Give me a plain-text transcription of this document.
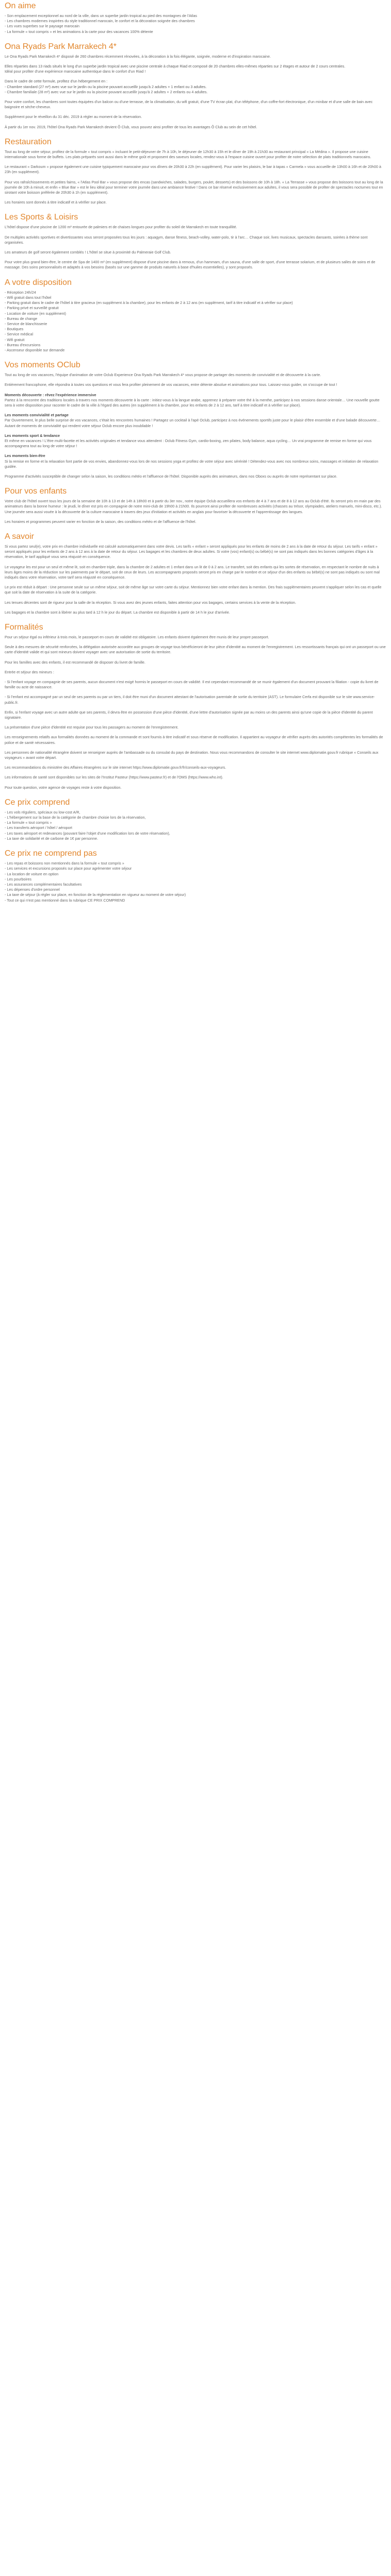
On aime
- Son emplacement exceptionnel au nord de la ville, dans un superbe jardin tropical au pied des montagnes de l'Atlas
- Les chambres modernes inspirées du style traditionnel marocain, le confort et la décoration soignée des chambres
- Les vues superbes sur le paysage marocain
- La formule « tout compris » et les animations à la carte pour des vacances 100% détente
Ona Ryads Park Marrakech 4*

Le Ona Ryads Park Marrakech 4* disposé de 260 chambres récemment rénovées, à la décoration à la fois élégante, soignée, moderne et d'inspiration marocaine.

Elles réparties dans 13 riads situés le long d'un superbe jardin tropical avec une piscine centrale à chaque Riad et composé de 20 chambres elles-mêmes réparties sur 2 étages et autour de 2 cours centrales.

Idéal pour profiter d'une expérience marocaine authentique dans le confort d'un Riad !

Dans le cadre de cette formule, profitez d'un hébergement en :

- Chambre standard (27 m²) avec vue sur le jardin ou la piscine pouvant accueillir jusqu'à 2 adultes + 1 enfant ou 3 adultes.

- Chambre familiale (28 m²) avec vue sur le jardin ou la piscine pouvant accueillir jusqu'à 2 adultes + 2 enfants ou 4 adultes.

Pour votre confort, les chambres sont toutes équipées d'un balcon ou d'une terrasse, de la climatisation, du wifi gratuit, d'une TV écran plat, d'un téléphone, d'un coffre-fort électronique, d'un minibar et d'une salle de bain avec baignoire et sèche-cheveux.

Supplément pour le réveillon du 31 déc. 2019 à régler au moment de la réservation.

À partir du 1er nov. 2019, l'hôtel Ona Ryads Park Marrakech devient Ô Club, vous pouvez ainsi profiter de tous les avantages Ô Club au sein de cet hôtel.

Restauration

Tout au long de votre séjour, profitez de la formule « tout compris » incluant le petit-déjeuner de 7h à 10h, le déjeuner de 12h30 à 15h et le dîner de 19h à 21h30 au restaurant principal « La Médina ». Il propose une cuisine internationale sous forme de buffets. Les plats préparés sont aussi dans le même goût et proposent des saveurs locales, rendez-vous à l'espace cuisine ouvert pour profiter de notre sélection de plats traditionnels marocains.

Le restaurant « Darkoum » propose également une cuisine typiquement marocaine pour vos dîners de 20h30 à 22h (en supplément). Pour varier les plaisirs, le bar à tapas « Carmela » vous accueille de 13h00 à 16h et de 20h00 à 23h (en supplément).

Pour vos rafraîchissements et petites faims, « l'Atlas Pool Bar » vous propose des encas (sandwiches, salades, burgers, poulet, desserts) et des boissons de 10h à 18h. « La Terrasse » vous propose des boissons tout au long de la journée de 10h à minuit, et enfin « Blue Bar » est le lieu idéal pour terminer votre journée dans une ambiance festive ! Dans ce bar réservé exclusivement aux adultes, il vous sera possible de profiter de spectacles nocturnes tout en sirotant votre boisson préférée de 20h30 à 1h (en supplément).

Les horaires sont donnés à titre indicatif et à vérifier sur place.

Les Sports & Loisirs

L'hôtel dispose d'une piscine de 1200 m² entourée de palmiers et de chaises longues pour profiter du soleil de Marrakech en toute tranquillité.

De multiples activités sportives et divertissantes vous seront proposées tous les jours : aquagym, danse fitness, beach-volley, water-polo, tir à l'arc… Chaque soir, lives musicaux, spectacles dansants, soirées à thème sont organisées.

Les amateurs de golf seront également comblés ! L'hôtel se situe à proximité du Palmeraie Golf Club.

Pour votre plus grand bien-être, le centre de Spa de 1400 m² (en supplément) dispose d'une piscine dans à remous, d'un hammam, d'un sauna, d'une salle de sport, d'une terrasse solarium, et de plusieurs salles de soins et de massage. Des soins personnalisés et adaptés à vos besoins (basés sur une gamme de produits naturels à base d'huiles essentielles), y sont proposés.

A votre disposition
- Réception 24h/24
- Wifi gratuit dans tout l'hôtel
- Parking gratuit dans le cadre de l'hôtel à titre gracieux (en supplément à la chambre), pour les enfants de 2 à 12 ans (en supplément, tarif à titre indicatif et à vérifier sur place)
- Parking privé et surveillé gratuit
- Location de voiture (en supplément)
- Bureau de change
- Service de blanchisserie
- Boutiques
- Service médical
- Wifi gratuit
- Bureau d'excursions
- Ascenseur disponible sur demande
Vos moments OClub

Tout au long de vos vacances, l'équipe d'animation de votre Oclub Experience Ona Ryads Park Marrakech 4* vous propose de partager des moments de convivialité et de découverte à la carte.

Entièrement francophone, elle répondra à toutes vos questions et vous fera profiter pleinement de vos vacances, entre détente absolue et animations pour tous. Laissez-vous guider, on s'occupe de tout !

Moments découverte : rêvez l'expérience immersive

Partez à la rencontre des traditions locales à travers nos moments découverte à la carte : initiez-vous à la langue arabe, apprenez à préparer votre thé à la menthe, participez à nos sessions danse orientale… Une nouvelle goutte sera à votre disposition pour raconter le cadre de la ville à l'égard des autres (en supplément à la chambre, pour les enfants de 2 à 12 ans, tarif à titre indicatif et à vérifier sur place).

Les moments convivialité et partage

Par Ouvertement, le plus belle surprise de vos vacances, c'était les rencontres humaines ! Partagez un cocktail à l'apé Oclub, participez à nos événements sportifs juste pour le plaisir d'être ensemble et d'une balade découverte… Autant de moments de convivialité qui rendent votre séjour Oclub encore plus inoubliable !

Les moments sport & tendance

Et même en vacances ! L'être multi-facette et les activités originales et tendance vous attendent : Oclub Fitness Gym, cardio-boxing, zen pilates, body balance, aqua cycling… Un vrai programme de remise en forme qui vous accompagnera tout au long de votre séjour !

Les moments bien-être

Si la remise en forme et la relaxation font partie de vos envies, abandonnez-vous lors de nos sessions yoga et profitez de votre séjour avec sérénité ! Détendez-vous avec nos nombreux soins, massages et initiation de relaxation guidée.

Programme d'activités susceptible de changer selon la saison, les conditions météo et l'affluence de l'hôtel. Disponible auprès des animateurs, dans nos Oboxs ou auprès de notre représentant sur place.

Pour vos enfants

Votre club de l'hôtel ouvert tous les jours de la semaine de 10h à 13 et de 14h à 18h00 et à partir du 3er nov., notre équipe Oclub accueillera vos enfants de 4 à 7 ans et de 8 à 12 ans au Oclub d'été. Ils seront pris en main par des animateurs dans la bonne humeur : le jeudi, le dîner est pris en compagnie de notre mini-club de 19h00 à 21h00. Ils pourront ainsi profiter de nombreuses activités (chasses au trésor, olympiades, ateliers manuels, mini-disco, etc.). Une journée sera aussi vouée à la découverte de la culture marocaine à travers des jeux d'initiation et activités en anglais pour favoriser la découverte et l'apprentissage des langues.

Les horaires et programmes peuvent varier en fonction de la saison, des conditions météo et de l'affluence de l'hôtel.

A savoir

Si vous partez seul(e), votre prix en chambre individuelle est calculé automatiquement dans votre devis. Les tarifs « enfant » seront appliqués pour les enfants de moins de 2 ans à la date de retour du séjour. Les tarifs « enfant » seront appliqués pour les enfants de 2 ans à 12 ans à la date de retour du séjour. Les bagages et les chambres de deux adultes. Si votre (vos) enfant(s) ou bébé(s) ne sont pas indiqués dans les bonnes catégories d'âges à la réservation, le tarif appliqué vous sera réajusté en conséquence.

Le voyageur les est pour un seul et même lit, soit en chambre triple, dans la chambre de 2 adultes et 1 enfant dans un lit de 0 à 2 ans. Le transfert, soit des enfants qui les sortes de réservation, en respectant le nombre de nuits à leurs âges moins de la réduction sur les paiements par le départ, soit de ceux de leurs. Les accompagnants proposés seront pris en charge par le nombre et ce séjour d'un des enfants ou bébé(s) ne sont pas indiqués ou sont mal indiqués dans votre réservation, votre tarif sera réajusté en conséquence.

Le prix est réduit à départ : Une personne seule sur un même séjour, soit de même âge sur votre carte du séjour. Mentionnez bien votre enfant dans la mention. Des frais supplémentaires peuvent s'appliquer selon les cas et quelle que soit la date de réservation à la suite de la catégorie.

Les tenues décentes sont de rigueur pour la salle de la réception. Si vous avez des jeunes enfants, faites attention pour vos bagages, certains services à la vente de la réception.

Les bagages et la chambre sont à libérer au plus tard à 12 h le jour du départ. La chambre est disponible à partir de 14 h le jour d'arrivée.

Formalités

Pour un séjour égal ou inférieur à trois mois, le passeport en cours de validité est obligatoire. Les enfants doivent également être munis de leur propre passeport.

Seule à des mesures de sécurité renforcées, la délégation autorisée accordée aux groupes de voyage tous bénéficieront de leur pièce d'identité au moment de l'enregistrement. Les ressortissants français qui ont un passeport ou une carte d'identité valide et qui sont mineurs doivent voyager avec une autorisation de sortie du territoire.

Pour les familles avec des enfants, il est recommandé de disposer du livret de famille.

Entrée et séjour des mineurs :

- Si l'enfant voyage en compagnie de ses parents, aucun document n'est exigé hormis le passeport en cours de validité. Il est cependant recommandé de se munir également d'un document prouvant la filiation - copie du livret de famille ou acte de naissance.

- Si l'enfant est accompagné par un seul de ses parents ou par un tiers, il doit être muni d'un document attestant de l'autorisation parentale de sortie du territoire (AST). Le formulaire Cerfa est disponible sur le site www.service-public.fr.

Enfin, si l'enfant voyage avec un autre adulte que ses parents, il devra être en possession d'une pièce d'identité, d'une lettre d'autorisation signée par au moins un des parents ainsi qu'une copie de la pièce d'identité du parent signataire.

La présentation d'une pièce d'identité est requise pour tous les passagers au moment de l'enregistrement.

Les renseignements relatifs aux formalités données au moment de la commande et sont fournis à titre indicatif et sous réserve de modification. Il appartient au voyageur de vérifier auprès des autorités compétentes les formalités de police et de santé nécessaires.

Les personnes de nationalité étrangère doivent se renseigner auprès de l'ambassade ou du consulat du pays de destination. Nous vous recommandons de consulter le site internet www.diplomatie.gouv.fr rubrique « Conseils aux voyageurs » avant votre départ.

Les recommandations du ministère des Affaires étrangères sur le site internet https://www.diplomatie.gouv.fr/fr/conseils-aux-voyageurs.

Les informations de santé sont disponibles sur les sites de l'Institut Pasteur (https://www.pasteur.fr) et de l'OMS (https://www.who.int).

Pour toute question, votre agence de voyages reste à votre disposition.

Ce prix comprend
- Les vols réguliers, spéciaux ou low-cost A/R,
- L'hébergement sur la base de la catégorie de chambre choisie lors de la réservation,
- La formule « tout compris »
- Les transferts aéroport / hôtel / aéroport
- Les taxes aéroport et redevances (pouvant faire l'objet d'une modification lors de votre réservation),
- La taxe de solidarité et de carbone de 1€ par personne.
Ce prix ne comprend pas
- Les repas et boissons non mentionnés dans la formule « tout compris »
- Les services et excursions proposés sur place pour agrémenter votre séjour
- La location de voiture en option
- Les pourboires
- Les assurances complémentaires facultatives
- Les dépenses d'ordre personnel
- La taxe de séjour (à régler sur place, en fonction de la réglementation en vigueur au moment de votre séjour)
- Tout ce qui n'est pas mentionné dans la rubrique CE PRIX COMPREND
